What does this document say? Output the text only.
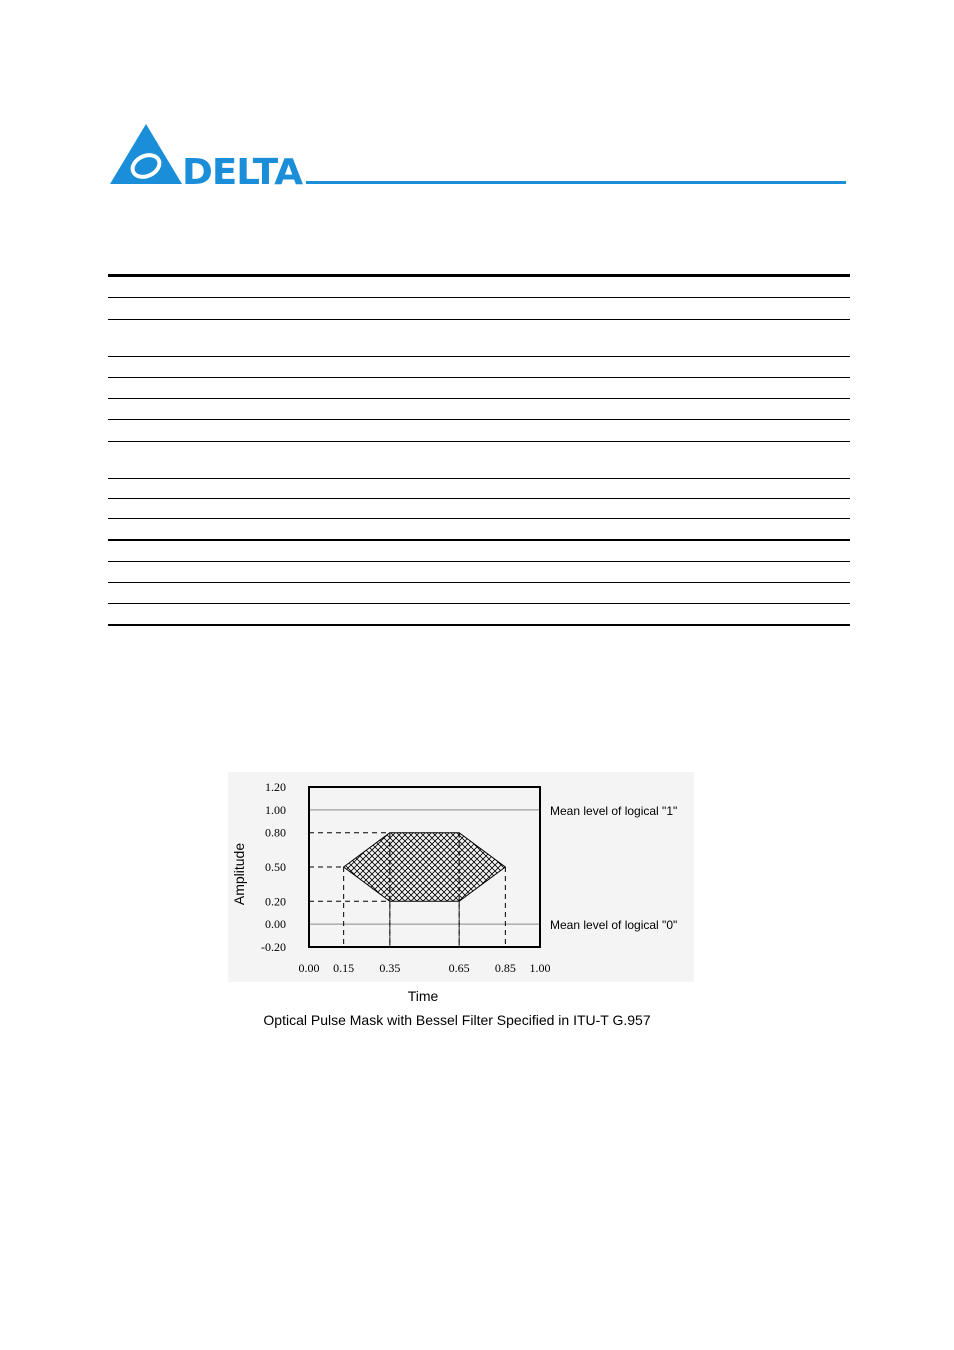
DELTA
Mean level of logical "1"
Mean level of logical "0"
1.20
1.00
0.80
0.50
0.20
0.00
-0.20
0.00 0.15 0.35	0.65 0.85 1.00
Amplitude
Time
Optical Pulse Mask with Bessel Filter Specified in ITU-T G.957
